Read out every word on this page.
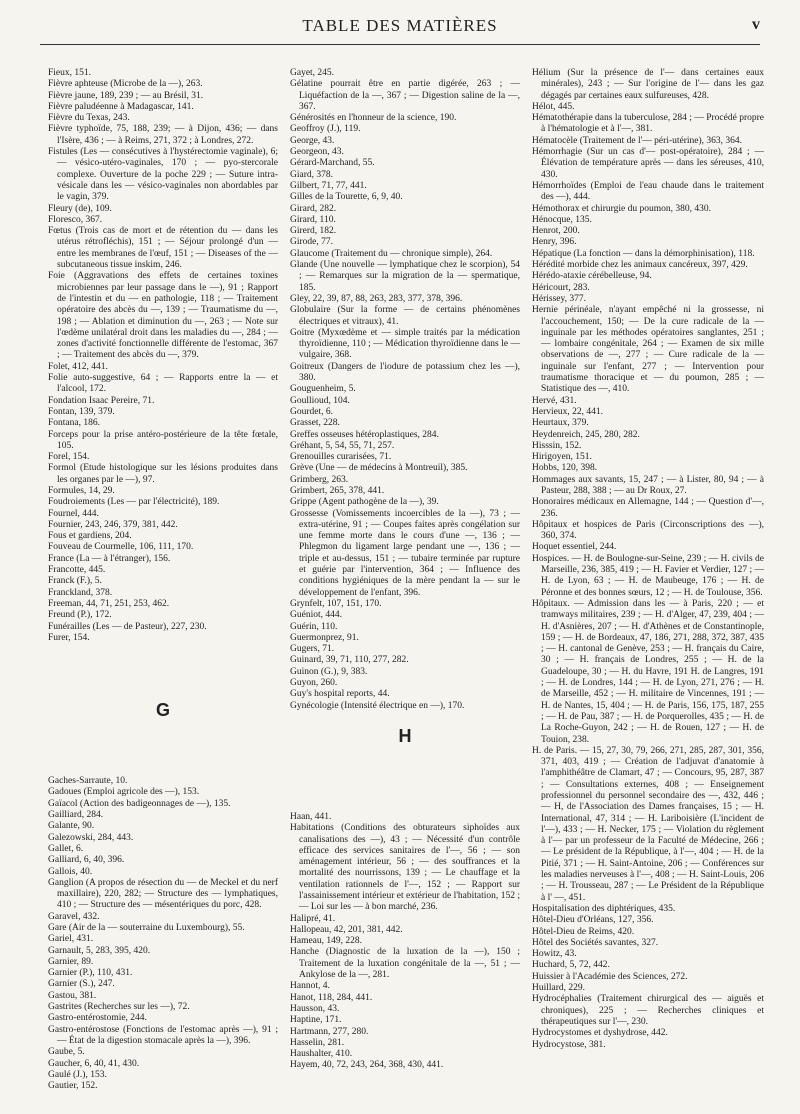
TABLE DES MATIÈRES	v

Fieux, 151.

Fièvre aphteuse (Microbe de la —), 263.

Fièvre jaune, 189, 239 ; — au Brésil, 31.

Fièvre paludéenne à Madagascar, 141.

Fièvre du Texas, 243.

Fièvre typhoïde, 75, 188, 239; — à Dijon, 436; — dans l'Isère, 436 ; — à Reims, 271, 372 ; à Londres, 272.

Fistules (Les — consécutives à l'hystérectomie vaginale), 6; — vésico-utéro-vaginales, 170 ; — pyo-stercorale complexe. Ouverture de la poche 229 ; — Suture intra-vésicale dans les — vésico-vaginales non abordables par le vagin, 379.

Fleury (de), 109.

Floresco, 367.

Fœtus (Trois cas de mort et de rétention du — dans les utérus rétrofléchis), 151 ; — Séjour prolongé d'un — entre les membranes de l'œuf, 151 ; — Diseases of the — subcutaneous tissue inskim, 246.

Foie (Aggravations des effets de certaines toxines microbiennes par leur passage dans le —), 91 ; Rapport de l'intestin et du — en pathologie, 118 ; — Traitement opératoire des abcès du —, 139 ; — Traumatisme du —, 198 ; — Ablation et diminution du —, 263 ; — Note sur l'œdème unilatéral droit dans les maladies du —, 284 ; — zones d'activité fonctionnelle différente de l'estomac, 367 ; — Traitement des abcès du —, 379.

Folet, 412, 441.

Folie auto-suggestive, 64 ; — Rapports entre la — et l'alcool, 172.

Fondation Isaac Pereire, 71.

Fontan, 139, 379.

Fontana, 186.

Forceps pour la prise antéro-postérieure de la tête fœtale, 105.

Forel, 154.

Formol (Etude histologique sur les lésions produites dans les organes par le —), 97.

Formules, 14, 29.

Foudroiements (Les — par l'électricité), 189.

Fournel, 444.

Fournier, 243, 246, 379, 381, 442.

Fous et gardiens, 204.

Fouveau de Courmelle, 106, 111, 170.

France (La — à l'étranger), 156.

Francotte, 445.

Franck (F.), 5.

Franckland, 378.

Freeman, 44, 71, 251, 253, 462.

Freund (P.), 172.

Funérailles (Les — de Pasteur), 227, 230.

Furer, 154.

G

Gaches-Sarraute, 10.

Gadoues (Emploi agricole des —), 153.

Gaïacol (Action des badigeonnages de —), 135.

Gailliard, 284.

Galante, 90.

Galezowski, 284, 443.

Gallet, 6.

Galliard, 6, 40, 396.

Gallois, 40.

Ganglion (A propos de résection du — de Meckel et du nerf maxillaire), 220, 282; — Structure des — lymphatiques, 410 ; — Structure des — mésentériques du porc, 428.

Garavel, 432.

Gare (Air de la — souterraine du Luxembourg), 55.

Gariel, 431.

Garnault, 5, 283, 395, 420.

Garnier, 89.

Garnier (P.), 110, 431.

Garnier (S.), 247.

Gastou, 381.

Gastrites (Recherches sur les —), 72.

Gastro-entérostomie, 244.

Gastro-entérostose (Fonctions de l'estomac après —), 91 ; — État de la digestion stomacale après la —), 396.

Gaube, 5.

Gaucher, 6, 40, 41, 430.

Gaulé (J.), 153.

Gautier, 152.

Gayet, 245.

Gélatine pourrait être en partie digérée, 263 ; — Liquéfaction de la —, 367 ; — Digestion saline de la —, 367.

Générosités en l'honneur de la science, 190.

Geoffroy (J.), 119.

George, 43.

Georgeon, 43.

Gérard-Marchand, 55.

Giard, 378.

Gilbert, 71, 77, 441.

Gilles de la Tourette, 6, 9, 40.

Girard, 282.

Girard, 110.

Girerd, 182.

Girode, 77.

Glaucome (Traitement du — chronique simple), 264.

Glande (Une nouvelle — lymphatique chez le scorpion), 54 ; — Remarques sur la migration de la — spermatique, 185.

Gley, 22, 39, 87, 88, 263, 283, 377, 378, 396.

Globulaire (Sur la forme — de certains phénomènes électriques et vitraux), 41.

Goitre (Myxœdème et — simple traités par la médication thyroïdienne, 110 ; — Médication thyroïdienne dans le — vulgaire, 368.

Goitreux (Dangers de l'iodure de potassium chez les —), 380.

Gouguenheim, 5.

Goullioud, 104.

Gourdet, 6.

Grasset, 228.

Greffes osseuses hétéroplastiques, 284.

Gréhant, 5, 54, 55, 71, 257.

Grenouilles curarisées, 71.

Grève (Une — de médecins à Montreuil), 385.

Grimberg, 263.

Grimbert, 265, 378, 441.

Grippe (Agent pathogène de la —), 39.

Grossesse (Vomissements incoercibles de la —), 73 ; — extra-utérine, 91 ; — Coupes faites après congélation sur une femme morte dans le cours d'une —, 136 ; — Phlegmon du ligament large pendant une —, 136 ; — triple et au-dessus, 151 ; — tubaire terminée par rupture et guérie par l'intervention, 364 ; — Influence des conditions hygiéniques de la mère pendant la — sur le développement de l'enfant, 396.

Grynfelt, 107, 151, 170.

Guéniot, 444.

Guérin, 110.

Guermonprez, 91.

Gugers, 71.

Guinard, 39, 71, 110, 277, 282.

Guinon (G.), 9, 383.

Guyon, 260.

Guy's hospital reports, 44.

Gynécologie (Intensité électrique en —), 170.

H

Haan, 441.

Habitations (Conditions des obturateurs siphoïdes aux canalisations des —), 43 ; — Nécessité d'un contrôle efficace des services sanitaires de l'—, 56 ; — son aménagement intérieur, 56 ; — des souffrances et la mortalité des nourrissons, 139 ; — Le chauffage et la ventilation rationnels de l'—, 152 ; — Rapport sur l'assainissement intérieur et extérieur de l'habitation, 152 ; — Loi sur les — à bon marché, 236.

Halipré, 41.

Hallopeau, 42, 201, 381, 442.

Hameau, 149, 228.

Hanche (Diagnostic de la luxation de la —), 150 ; Traitement de la luxation congénitale de la —, 51 ; — Ankylose de la —, 281.

Hannot, 4.

Hanot, 118, 284, 441.

Hausson, 43.

Haptine, 171.

Hartmann, 277, 280.

Hasselin, 281.

Haushalter, 410.

Hayem, 40, 72, 243, 264, 368, 430, 441.

Hélium (Sur la présence de l'— dans certaines eaux minérales), 243 ; — Sur l'origine de l'— dans les gaz dégagés par certaines eaux sulfureuses, 428.

Hélot, 445.

Hématothérapie dans la tuberculose, 284 ; — Procédé propre à l'hématologie et à l'—, 381.

Hématocèle (Traitement de l'— péri-utérine), 363, 364.

Hémorrhagie (Sur un cas d'— post-opératoire), 284 ; — Élévation de température après — dans les séreuses, 410, 430.

Hémorrhoïdes (Emploi de l'eau chaude dans le traitement des —), 444.

Hémothorax et chirurgie du poumon, 380, 430.

Hénocque, 135.

Henrot, 200.

Henry, 396.

Hépatique (La fonction — dans la démorphinisation), 118.

Hérédité morbide chez les animaux cancéreux, 397, 429.

Hérédo-ataxie cérébelleuse, 94.

Héricourt, 283.

Hérissey, 377.

Hernie périnéale, n'ayant empêché ni la grossesse, ni l'accouchement, 150; — De la cure radicale de la — inguinale par les méthodes opératoires sanglantes, 251 ; — lombaire congénitale, 264 ; — Examen de six mille observations de —, 277 ; — Cure radicale de la — inguinale sur l'enfant, 277 ; — Intervention pour traumatisme thoracique et — du poumon, 285 ; — Statistique des —, 410.

Hervé, 431.

Hervieux, 22, 441.

Heurtaux, 379.

Heydenreich, 245, 280, 282.

Hisssin, 152.

Hirigoyen, 151.

Hobbs, 120, 398.

Hommages aux savants, 15, 247 ; — à Lister, 80, 94 ; — à Pasteur, 288, 388 ; — au Dr Roux, 27.

Honoraires médicaux en Allemagne, 144 ; — Question d'—, 236.

Hôpitaux et hospices de Paris (Circonscriptions des —), 360, 374.

Hoquet essentiel, 244.

Hospices. — H. de Boulogne-sur-Seine, 239 ; — H. civils de Marseille, 236, 385, 419 ; — H. Favier et Verdier, 127 ; — H. de Lyon, 63 ; — H. de Maubeuge, 176 ; — H. de Péronne et des bonnes sœurs, 12 ; — H. de Toulouse, 356.

Hôpitaux. — Admission dans les — à Paris, 220 ; — et tramways militaires, 239 ; — H. d'Alger, 47, 239, 404 ; — H. d'Asnières, 207 ; — H. d'Athènes et de Constantinople, 159 ; — H. de Bordeaux, 47, 186, 271, 288, 372, 387, 435 ; — H. cantonal de Genève, 253 ; — H. français du Caire, 30 ; — H. français de Londres, 255 ; — H. de la Guadeloupe, 30 ; — H. du Havre, 191 H. de Langres, 191 ; — H. de Londres, 144 ; — H. de Lyon, 271, 276 ; — H. de Marseille, 452 ; — H. militaire de Vincennes, 191 ; — H. de Nantes, 15, 404 ; — H. de Paris, 156, 175, 187, 255 ; — H. de Pau, 387 ; — H. de Porquerolles, 435 ; — H. de La Roche-Guyon, 242 ; — H. de Rouen, 127 ; — H. de Touion, 238.

H. de Paris. — 15, 27, 30, 79, 266, 271, 285, 287, 301, 356, 371, 403, 419 ; — Création de l'adjuvat d'anatomie à l'amphithéâtre de Clamart, 47 ; — Concours, 95, 287, 387 ; — Consultations externes, 408 ; — Enseignement professionnel du personnel secondaire des —, 432, 446 ; — H, de l'Association des Dames françaises, 15 ; — H. International, 47, 314 ; — H. Lariboisière (L'incident de l'—), 433 ; — H. Necker, 175 ; — Violation du règlement à l'— par un professeur de la Faculté de Médecine, 266 ; — Le président de la République, à l'—, 404 ; — H. de la Pitié, 371 ; — H. Saint-Antoine, 206 ; — Conférences sur les maladies nerveuses à l'—, 408 ; — H. Saint-Louis, 206 ; — H. Trousseau, 287 ; — Le Président de la République à l' —, 451.

Hospitalisation des diphtériques, 435.

Hôtel-Dieu d'Orléans, 127, 356.

Hôtel-Dieu de Reims, 420.

Hôtel des Sociétés savantes, 327.

Howitz, 43.

Huchard, 5, 72, 442.

Huissier à l'Académie des Sciences, 272.

Huillard, 229.

Hydrocéphalies (Traitement chirurgical des — aiguës et chroniques), 225 ; — Recherches cliniques et thérapeutiques sur l'—, 230.

Hydrocystomes et dyshydrose, 442.

Hydrocystose, 381.
